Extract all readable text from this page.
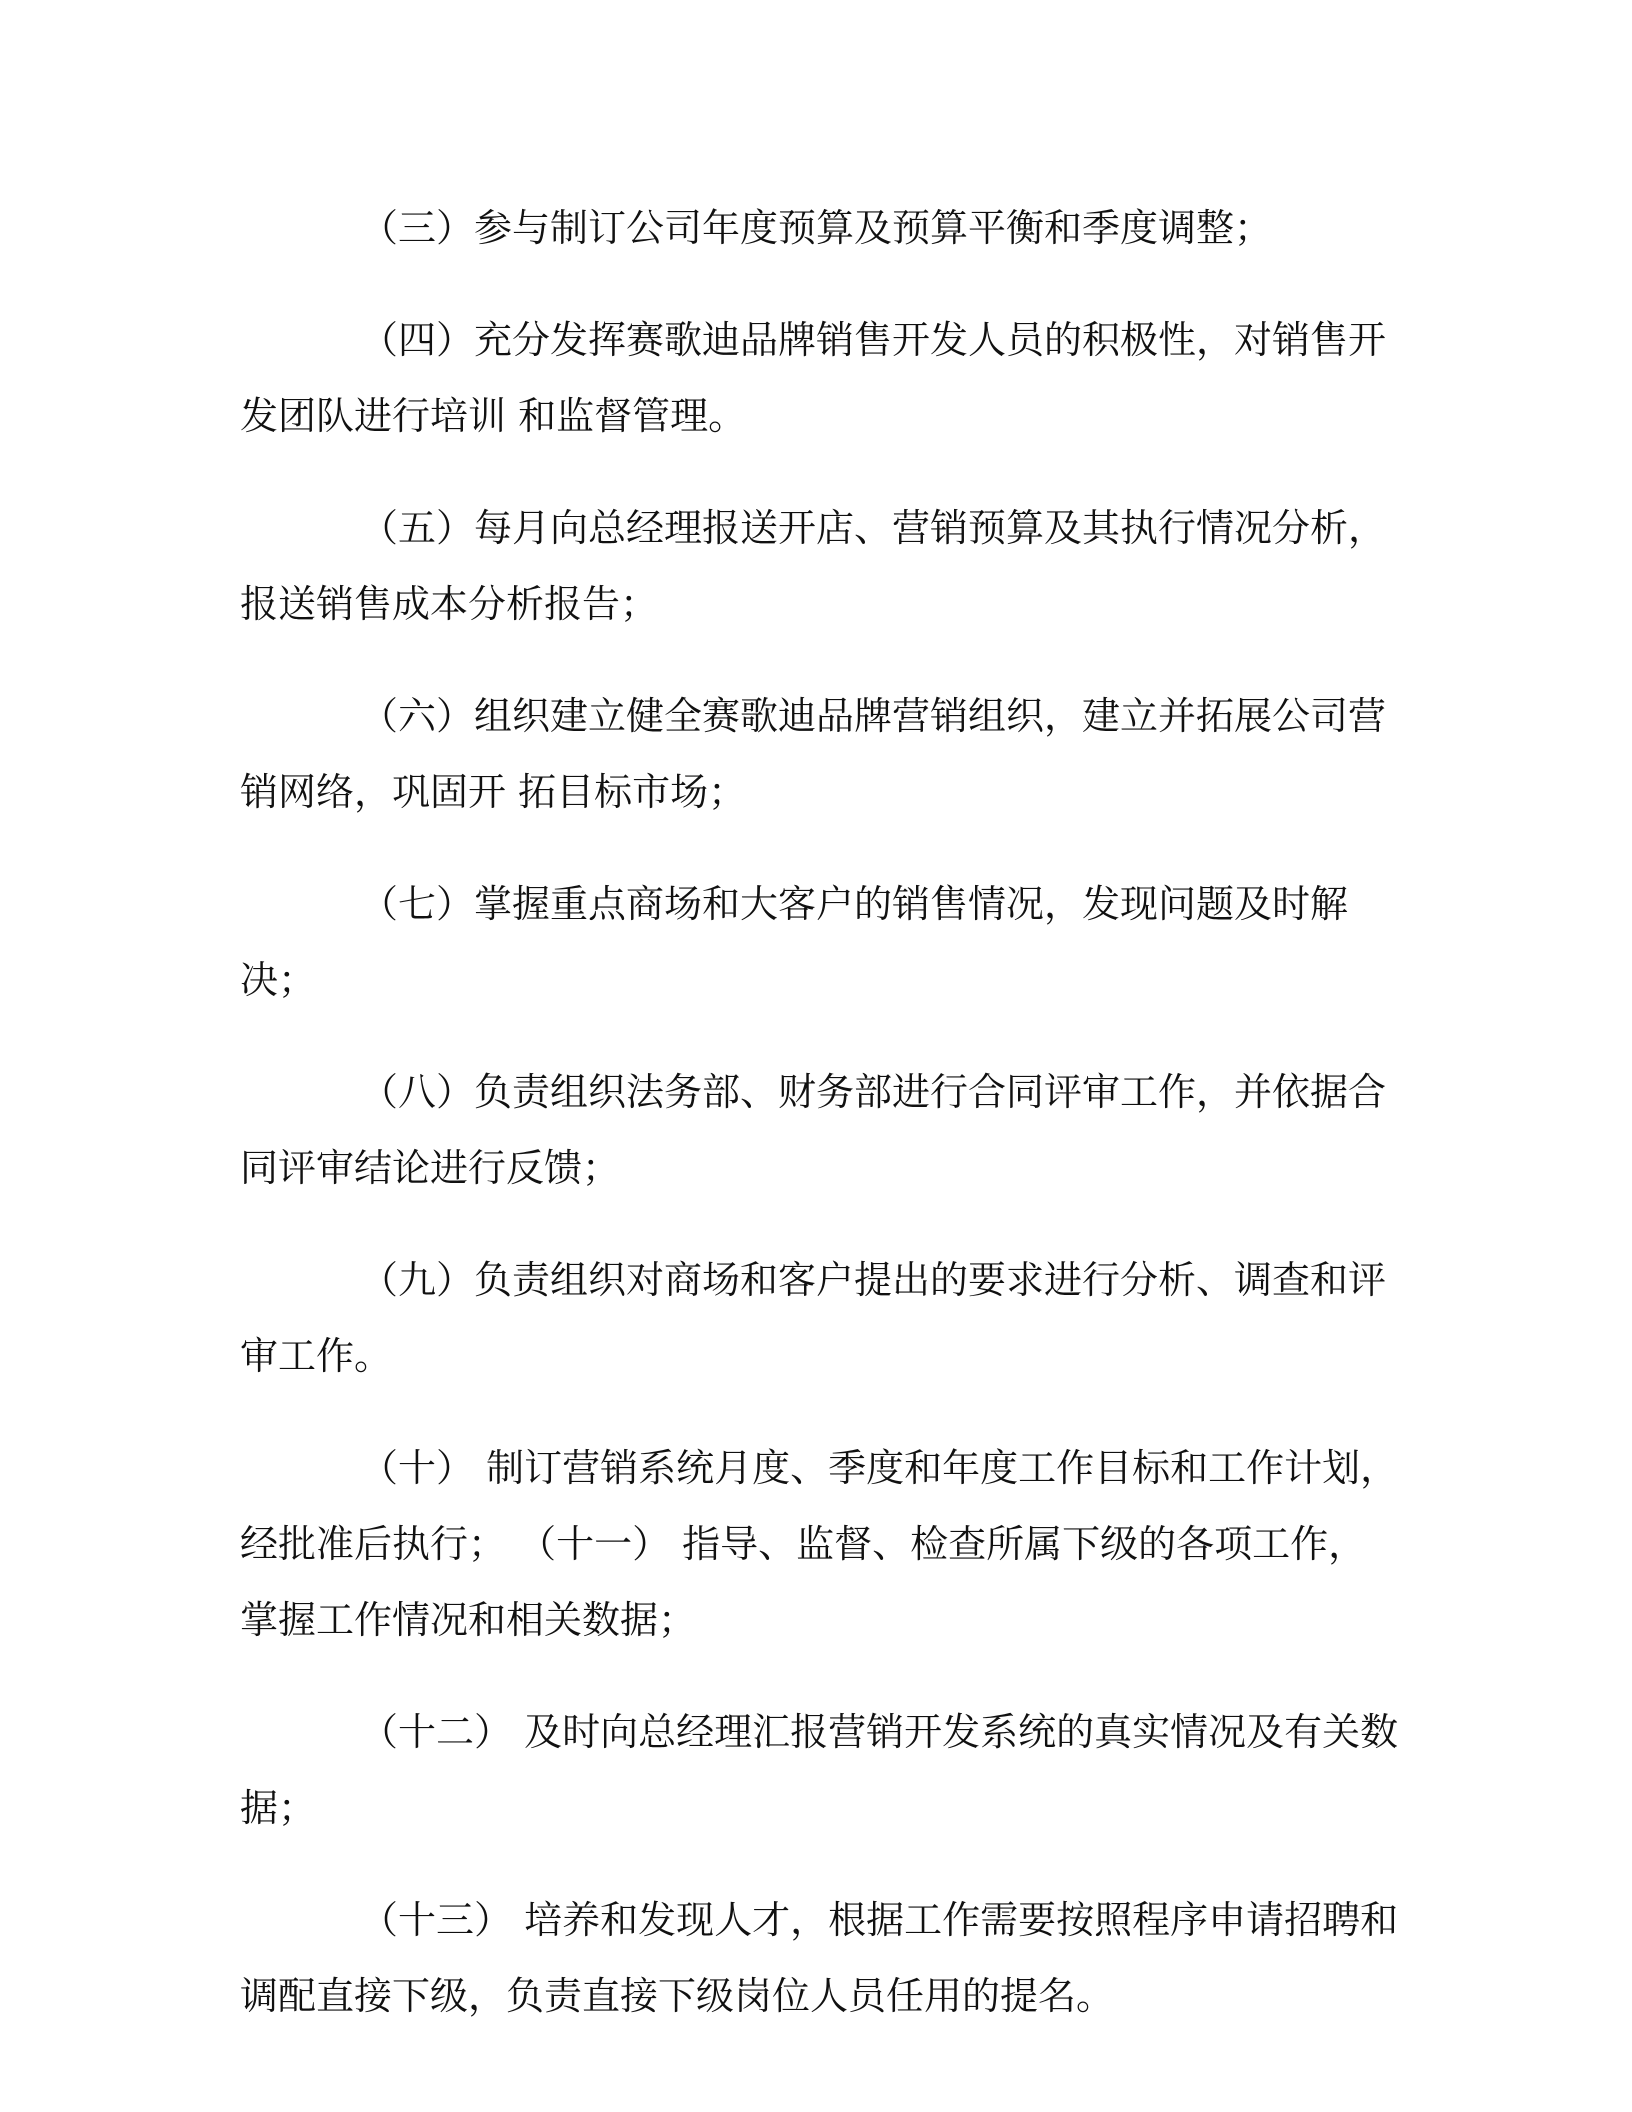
（三）参与制订公司年度预算及预算平衡和季度调整；

（四）充分发挥赛歌迪品牌销售开发人员的积极性，对销售开发团队进行培训 和监督管理。

（五）每月向总经理报送开店、营销预算及其执行情况分析，报送销售成本分析报告；

（六）组织建立健全赛歌迪品牌营销组织，建立并拓展公司营销网络，巩固开 拓目标市场；

（七）掌握重点商场和大客户的销售情况，发现问题及时解决；

（八）负责组织法务部、财务部进行合同评审工作，并依据合同评审结论进行反馈；

（九）负责组织对商场和客户提出的要求进行分析、调查和评审工作。

（十） 制订营销系统月度、季度和年度工作目标和工作计划，经批准后执行； （十一） 指导、监督、检查所属下级的各项工作，掌握工作情况和相关数据；

（十二） 及时向总经理汇报营销开发系统的真实情况及有关数据；

（十三） 培养和发现人才，根据工作需要按照程序申请招聘和调配直接下级，负责直接下级岗位人员任用的提名。
